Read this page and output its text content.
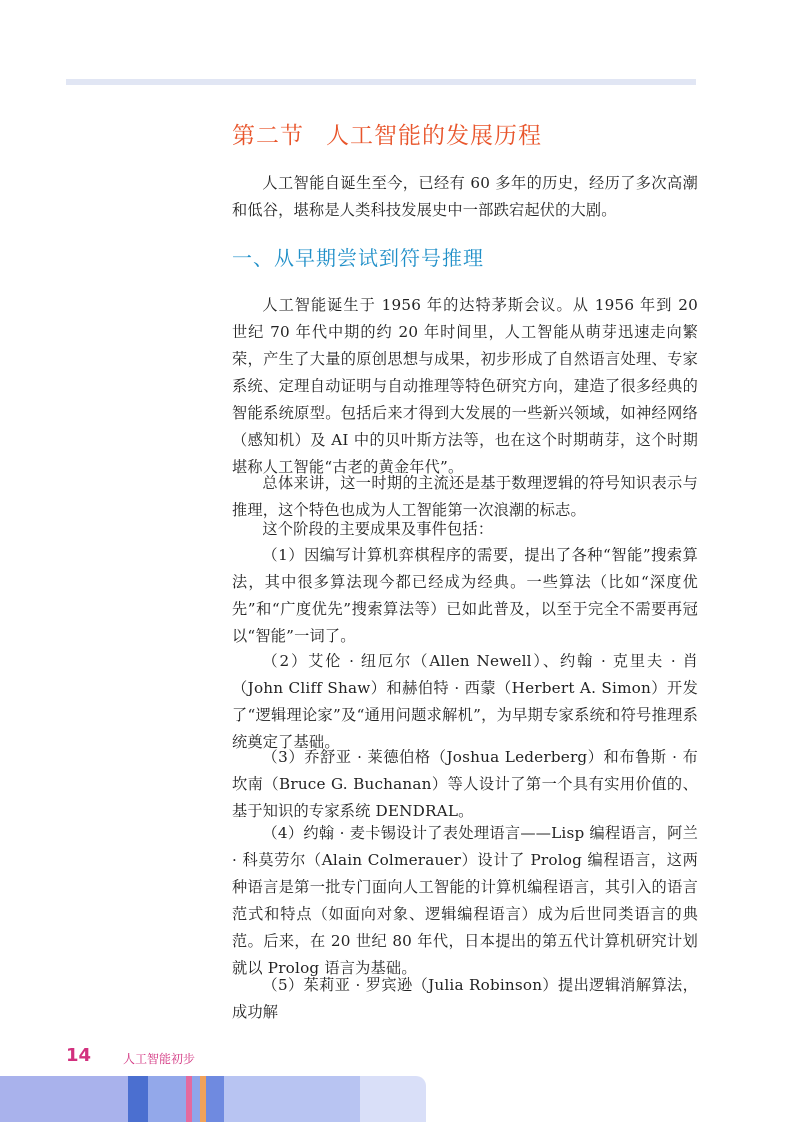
第二节 人工智能的发展历程

人工智能自诞生至今，已经有 60 多年的历史，经历了多次高潮和低谷，堪称是人类科技发展史中一部跌宕起伏的大剧。

一、从早期尝试到符号推理

人工智能诞生于 1956 年的达特茅斯会议。从 1956 年到 20 世纪 70 年代中期的约 20 年时间里，人工智能从萌芽迅速走向繁荣，产生了大量的原创思想与成果，初步形成了自然语言处理、专家系统、定理自动证明与自动推理等特色研究方向，建造了很多经典的智能系统原型。包括后来才得到大发展的一些新兴领域，如神经网络（感知机）及 AI 中的贝叶斯方法等，也在这个时期萌芽，这个时期堪称人工智能“古老的黄金年代”。

总体来讲，这一时期的主流还是基于数理逻辑的符号知识表示与推理，这个特色也成为人工智能第一次浪潮的标志。

这个阶段的主要成果及事件包括：

（1）因编写计算机弈棋程序的需要，提出了各种“智能”搜索算法，其中很多算法现今都已经成为经典。一些算法（比如“深度优先”和“广度优先”搜索算法等）已如此普及，以至于完全不需要再冠以“智能”一词了。

（2）艾伦 · 纽厄尔（Allen Newell）、约翰 · 克里夫 · 肖（John Cliff Shaw）和赫伯特 · 西蒙（Herbert A. Simon）开发了“逻辑理论家”及“通用问题求解机”，为早期专家系统和符号推理系统奠定了基础。

（3）乔舒亚 · 莱德伯格（Joshua Lederberg）和布鲁斯 · 布坎南（Bruce G. Buchanan）等人设计了第一个具有实用价值的、基于知识的专家系统 DENDRAL。

（4）约翰 · 麦卡锡设计了表处理语言——Lisp 编程语言，阿兰 · 科莫劳尔（Alain Colmerauer）设计了 Prolog 编程语言，这两种语言是第一批专门面向人工智能的计算机编程语言，其引入的语言范式和特点（如面向对象、逻辑编程语言）成为后世同类语言的典范。后来，在 20 世纪 80 年代，日本提出的第五代计算机研究计划就以 Prolog 语言为基础。

（5）茱莉亚 · 罗宾逊（Julia Robinson）提出逻辑消解算法，成功解

14	人工智能初步
